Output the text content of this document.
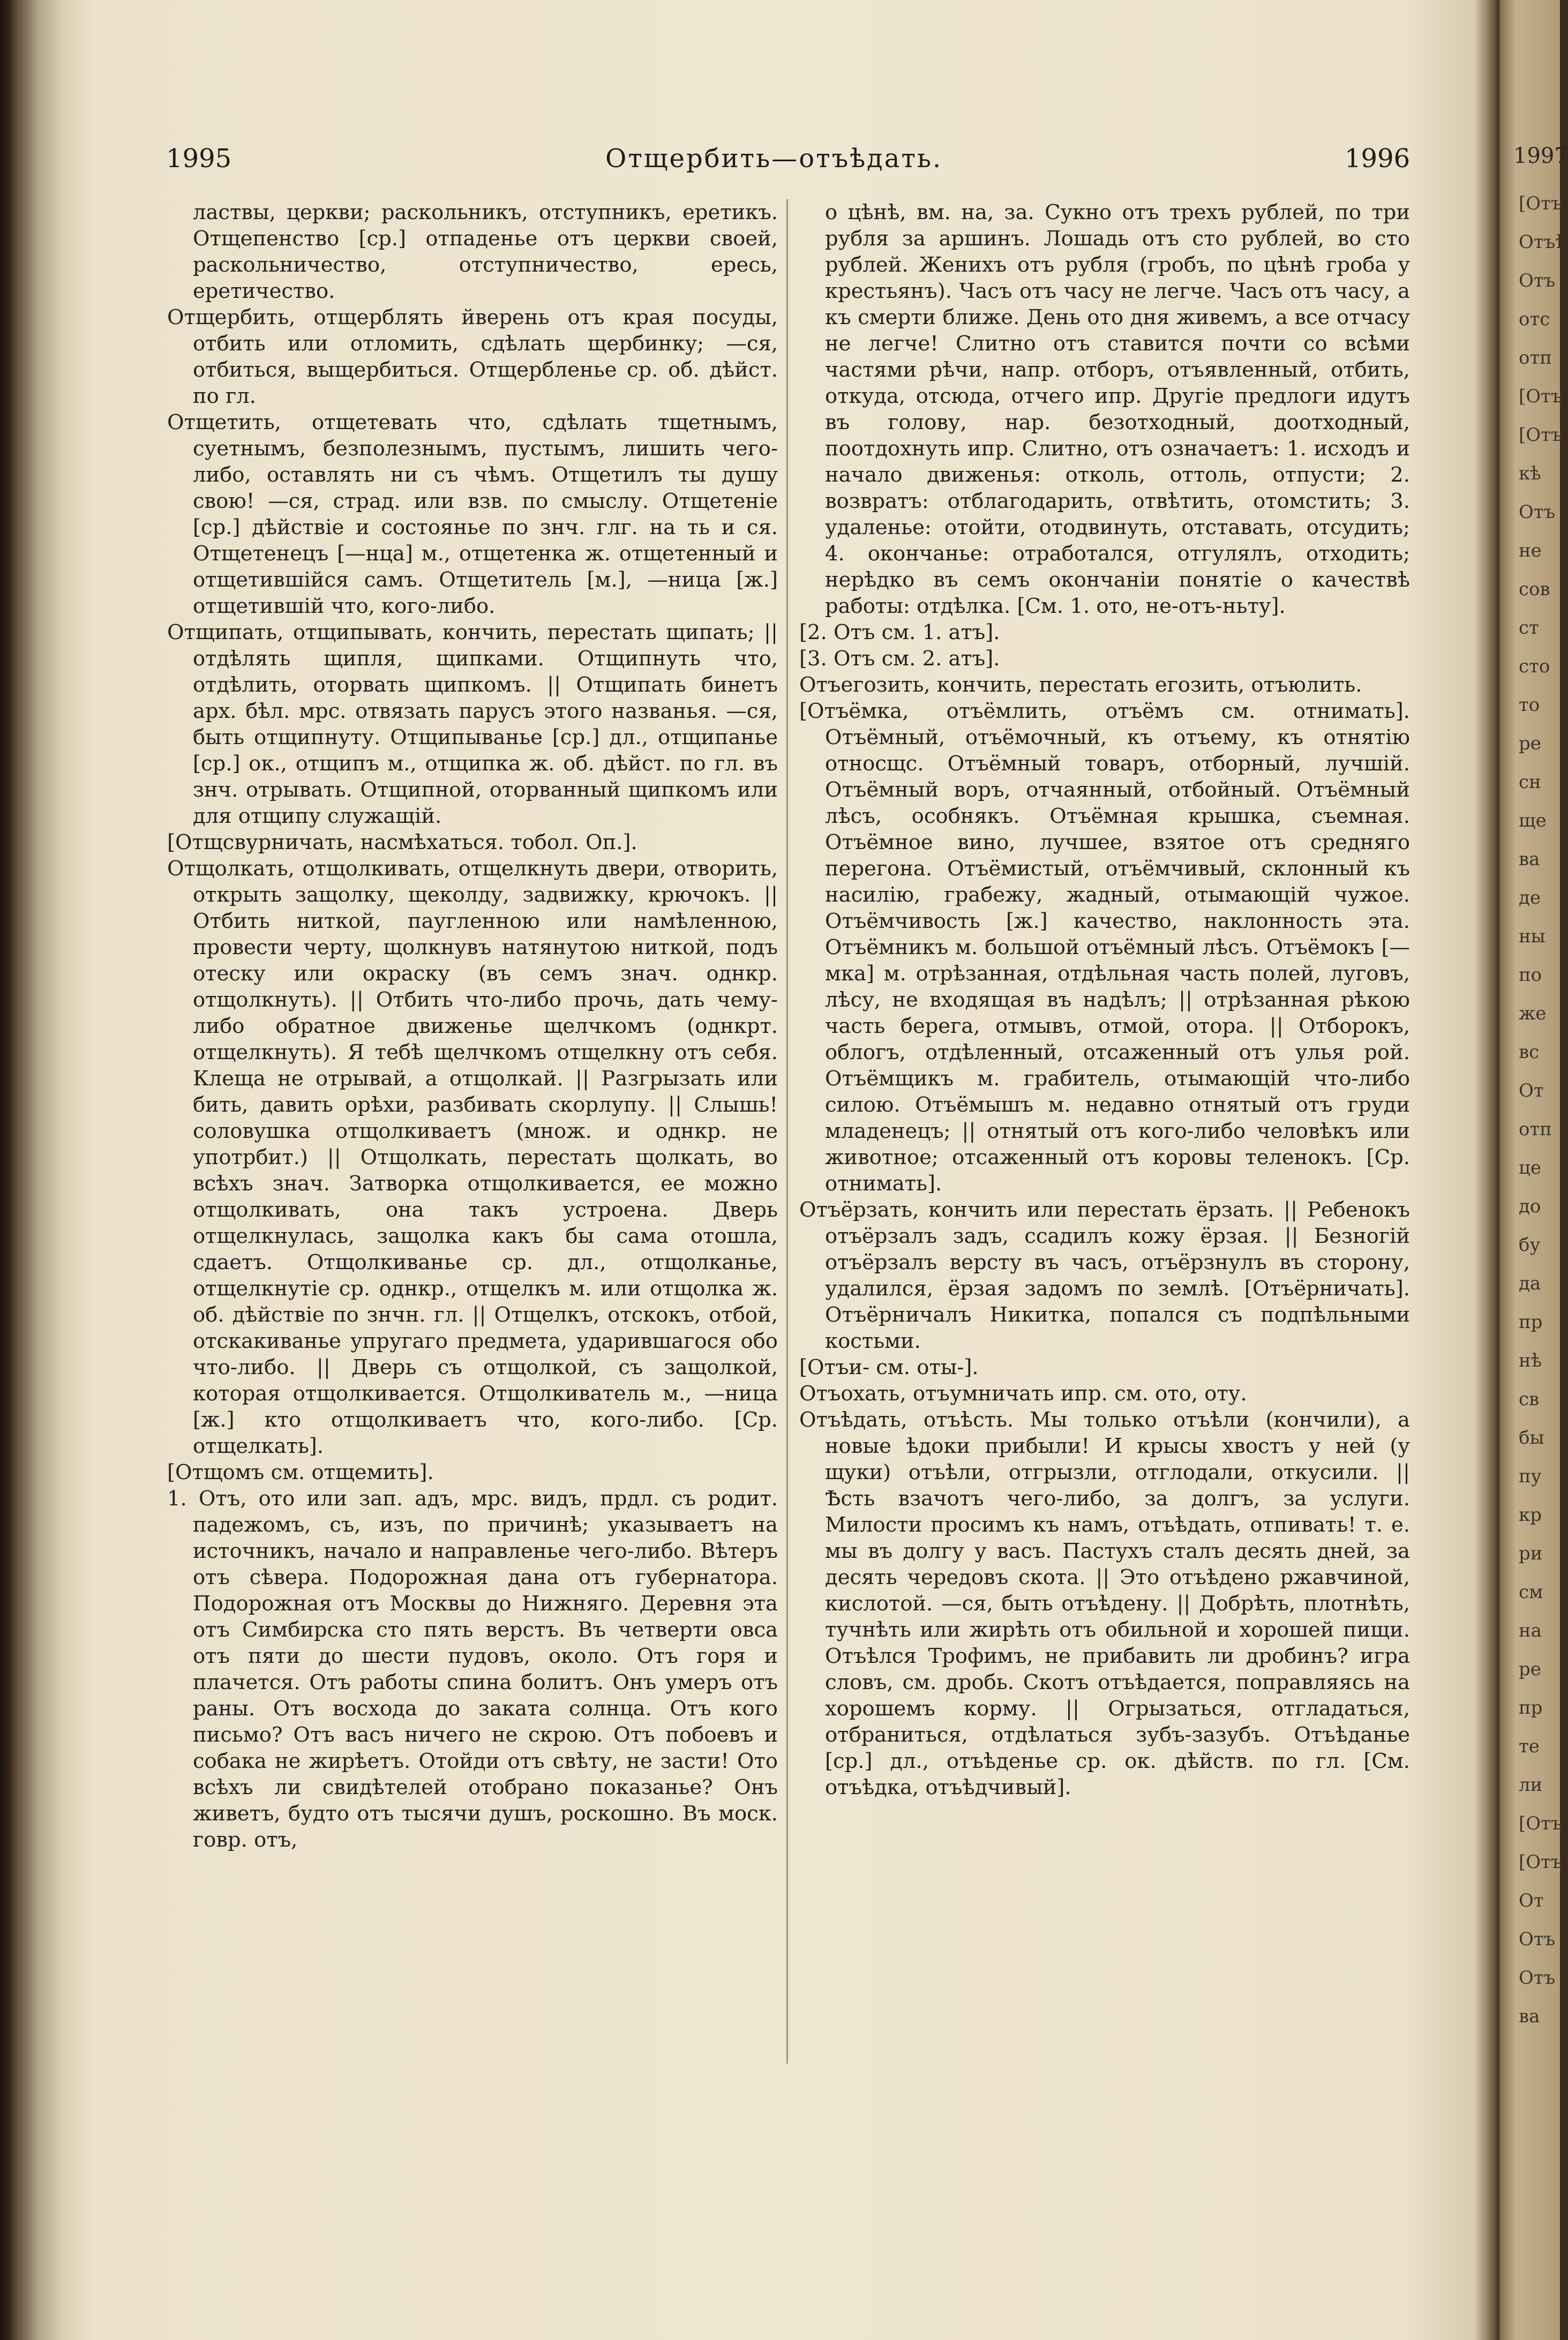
1995	Отщербить—отъѣдать.	1996

ластвы, церкви; раскольникъ, отступникъ, еретикъ. Отщепенство [ср.] отпаденье отъ церкви своей, раскольничество, отступничество, ересь, еретичество.

Отщербить, отщерблять йверень отъ края посуды, отбить или отломить, сдѣлать щербинку; —ся, отбиться, выщербиться. Отщербленье ср. об. дѣйст. по гл.

Отщетить, отщетевать что, сдѣлать тщетнымъ, суетнымъ, безполезнымъ, пустымъ, лишить чего-либо, оставлять ни съ чѣмъ. Отщетилъ ты душу свою! —ся, страд. или взв. по смыслу. Отщетеніе [ср.] дѣйствіе и состоянье по знч. глг. на ть и ся. Отщетенецъ [—нца] м., отщетенка ж. отщетенный и отщетившійся самъ. Отщетитель [м.], —ница [ж.] отщетившій что, кого-либо.

Отщипать, отщипывать, кончить, перестать щипать; || отдѣлять щипля, щипками. Отщипнуть что, отдѣлить, оторвать щипкомъ. || Отщипать бинетъ арх. бѣл. мрс. отвязать парусъ этого названья. —ся, быть отщипнуту. Отщипыванье [ср.] дл., отщипанье [ср.] ок., отщипъ м., отщипка ж. об. дѣйст. по гл. въ знч. отрывать. Отщипной, оторванный щипкомъ или для отщипу служащій.

[Отщсвурничать, насмѣхаться. тобол. Оп.].

Отщолкать, отщолкивать, отщелкнуть двери, отворить, открыть защолку, щеколду, задвижку, крючокъ. || Отбить ниткой, паугленною или намѣленною, провести черту, щолкнувъ натянутою ниткой, подъ отеску или окраску (въ семъ знач. однкр. отщолкнуть). || Отбить что-либо прочь, дать чему-либо обратное движенье щелчкомъ (однкрт. отщелкнуть). Я тебѣ щелчкомъ отщелкну отъ себя. Клеща не отрывай, а отщолкай. || Разгрызать или бить, давить орѣхи, разбивать скорлупу. || Слышь! соловушка отщолкиваетъ (множ. и однкр. не употрбит.) || Отщолкать, перестать щолкать, во всѣхъ знач. Затворка отщолкивается, ее можно отщолкивать, она такъ устроена. Дверь отщелкнулась, защолка какъ бы сама отошла, сдаетъ. Отщолкиванье ср. дл., отщолканье, отщелкнутіе ср. однкр., отщелкъ м. или отщолка ж. об. дѣйствіе по знчн. гл. || Отщелкъ, отскокъ, отбой, отскакиванье упругаго предмета, ударившагося обо что-либо. || Дверь съ отщолкой, съ защолкой, которая отщолкивается. Отщолкиватель м., —ница [ж.] кто отщолкиваетъ что, кого-либо. [Ср. отщелкать].

[Отщомъ см. отщемить].

1. Отъ, ото или зап. адъ, мрс. видъ, прдл. съ родит. падежомъ, съ, изъ, по причинѣ; указываетъ на источникъ, начало и направленье чего-либо. Вѣтеръ отъ сѣвера. Подорожная дана отъ губернатора. Подорожная отъ Москвы до Нижняго. Деревня эта отъ Симбирска сто пять верстъ. Въ четверти овса отъ пяти до шести пудовъ, около. Отъ горя и плачется. Отъ работы спина болитъ. Онъ умеръ отъ раны. Отъ восхода до заката солнца. Отъ кого письмо? Отъ васъ ничего не скрою. Отъ побоевъ и собака не жирѣетъ. Отойди отъ свѣту, не засти! Ото всѣхъ ли свидѣтелей отобрано показанье? Онъ живетъ, будто отъ тысячи душъ, роскошно. Въ моск. говр. отъ,

о цѣнѣ, вм. на, за. Сукно отъ трехъ рублей, по три рубля за аршинъ. Лошадь отъ сто рублей, во сто рублей. Женихъ отъ рубля (гробъ, по цѣнѣ гроба у крестьянъ). Часъ отъ часу не легче. Часъ отъ часу, а къ смерти ближе. День ото дня живемъ, а все отчасу не легче! Слитно отъ ставится почти со всѣми частями рѣчи, напр. отборъ, отъявленный, отбить, откуда, отсюда, отчего ипр. Другіе предлоги идутъ въ голову, нар. безотходный, доотходный, поотдохнуть ипр. Слитно, отъ означаетъ: 1. исходъ и начало движенья: отколь, оттоль, отпусти; 2. возвратъ: отблагодарить, отвѣтить, отомстить; 3. удаленье: отойти, отодвинуть, отставать, отсудить; 4. окончанье: отработался, отгулялъ, отходить; нерѣдко въ семъ окончаніи понятіе о качествѣ работы: отдѣлка. [См. 1. ото, не-отъ-ньту].

[2. Отъ см. 1. атъ].

[3. Отъ см. 2. атъ].

Отъегозить, кончить, перестать егозить, отъюлить.

[Отъёмка, отъёмлить, отъёмъ см. отнимать]. Отъёмный, отъёмочный, къ отъему, къ отнятію относщс. Отъёмный товаръ, отборный, лучшій. Отъёмный воръ, отчаянный, отбойный. Отъёмный лѣсъ, особнякъ. Отъёмная крышка, съемная. Отъёмное вино, лучшее, взятое отъ средняго перегона. Отъёмистый, отъёмчивый, склонный къ насилію, грабежу, жадный, отымающій чужое. Отъёмчивость [ж.] качество, наклонность эта. Отъёмникъ м. большой отъёмный лѣсъ. Отъёмокъ [—мка] м. отрѣзанная, отдѣльная часть полей, луговъ, лѣсу, не входящая въ надѣлъ; || отрѣзанная рѣкою часть берега, отмывъ, отмой, отора. || Отборокъ, облогъ, отдѣленный, отсаженный отъ улья рой. Отъёмщикъ м. грабитель, отымающій что-либо силою. Отъёмышъ м. недавно отнятый отъ груди младенецъ; || отнятый отъ кого-либо человѣкъ или животное; отсаженный отъ коровы теленокъ. [Ср. отнимать].

Отъёрзать, кончить или перестать ёрзать. || Ребенокъ отъёрзалъ задъ, ссадилъ кожу ёрзая. || Безногій отъёрзалъ версту въ часъ, отъёрзнулъ въ сторону, удалился, ёрзая задомъ по землѣ. [Отъёрничать]. Отъёрничалъ Никитка, попался съ подпѣльными костьми.

[Отъи- см. оты-].

Отъохать, отъумничать ипр. см. ото, оту.

Отъѣдать, отъѣсть. Мы только отъѣли (кончили), а новые ѣдоки прибыли! И крысы хвостъ у ней (у щуки) отъѣли, отгрызли, отглодали, откусили. || Ѣсть взачотъ чего-либо, за долгъ, за услуги. Милости просимъ къ намъ, отъѣдать, отпивать! т. е. мы въ долгу у васъ. Пастухъ сталъ десять дней, за десять чередовъ скота. || Это отъѣдено ржавчиной, кислотой. —ся, быть отъѣдену. || Добрѣть, плотнѣть, тучнѣть или жирѣть отъ обильной и хорошей пищи. Отъѣлся Трофимъ, не прибавить ли дробинъ? игра словъ, см. дробь. Скотъ отъѣдается, поправляясь на хорошемъ корму. || Огрызаться, отгладаться, отбраниться, отдѣлаться зубъ-зазубъ. Отъѣданье [ср.] дл., отъѣденье ср. ок. дѣйств. по гл. [См. отъѣдка, отъѣдчивый].

1997
[Отъ
Отъѣ
Отъ
отс
отп
[Отъ
[Отъ
кѣ
Отъ
не
сов
ст
сто
то
ре
сн
ще
ва
де
ны
по
же
вс
От
отп
це
до
бу
да
пр
нѣ
св
бы
пу
кр
ри
см
на
ре
пр
те
ли
[Отъ
[Отъ
От
Отъ
Отъ
ва
